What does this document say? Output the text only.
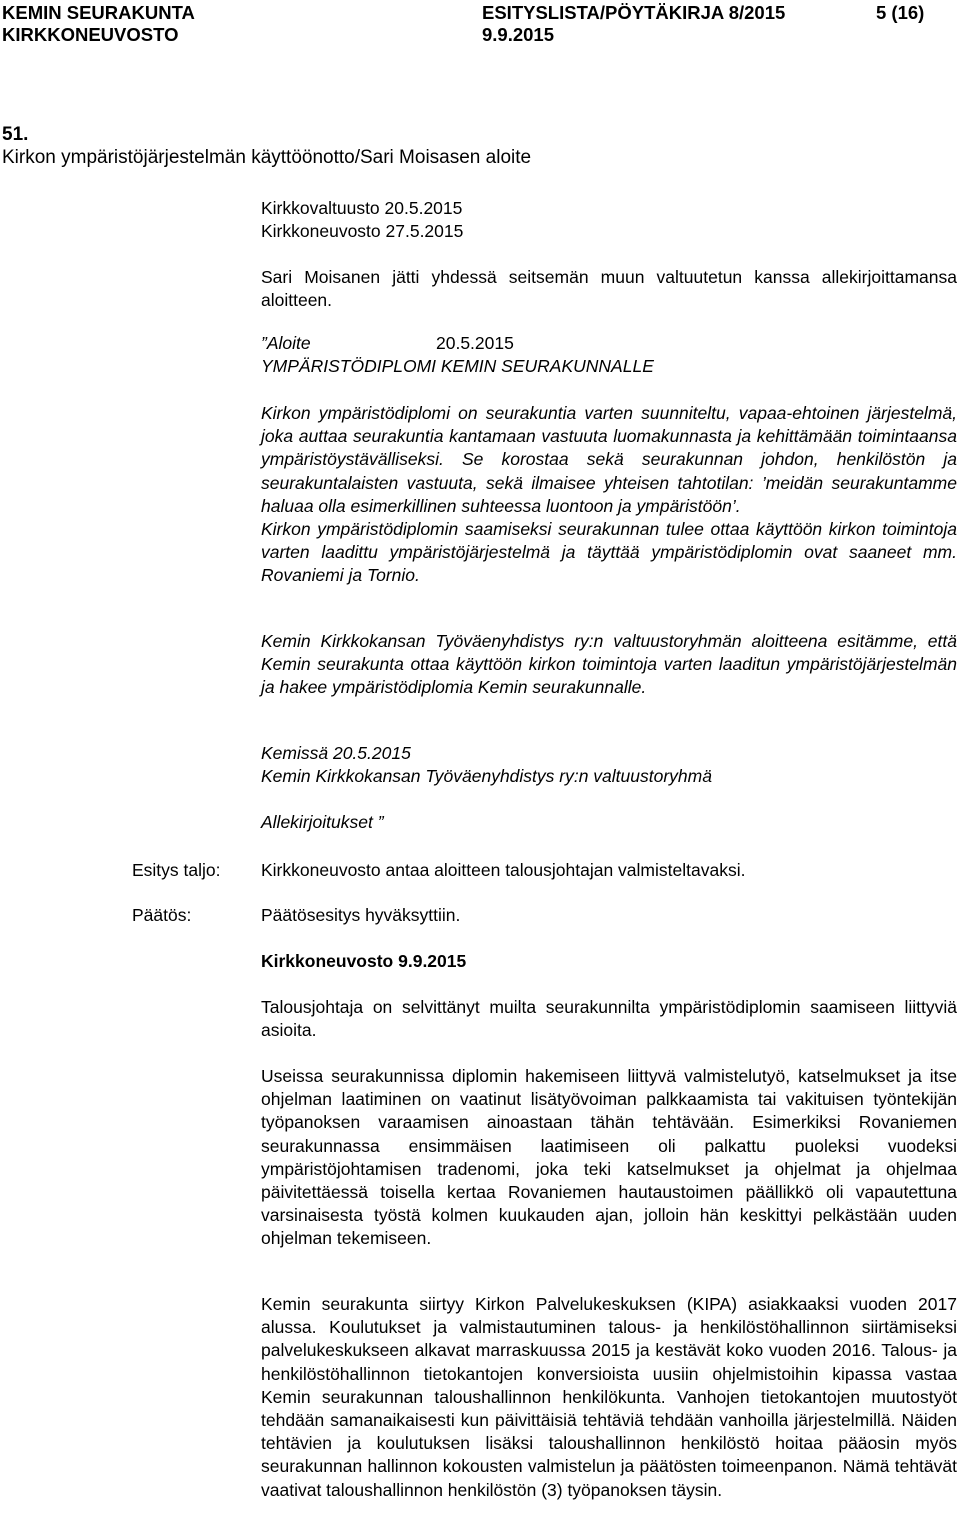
KEMIN SEURAKUNTA
KIRKKONEUVOSTO
ESITYSLISTA/PÖYTÄKIRJA 8/2015
9.9.2015
5 (16)
51.
Kirkon ympäristöjärjestelmän käyttöönotto/Sari Moisasen aloite
Kirkkovaltuusto 20.5.2015
Kirkkoneuvosto 27.5.2015
Sari Moisanen jätti yhdessä seitsemän muun valtuutetun kanssa allekirjoittamansa aloitteen.
”Aloite	20.5.2015
YMPÄRISTÖDIPLOMI KEMIN SEURAKUNNALLE

Kirkon ympäristödiplomi on seurakuntia varten suunniteltu, vapaa-ehtoinen järjestelmä, joka auttaa seurakuntia kantamaan vastuuta luomakunnasta ja kehittämään toimintaansa ympäristöystävälliseksi. Se korostaa sekä seurakunnan johdon, henkilöstön ja seurakuntalaisten vastuuta, sekä ilmaisee yhteisen tahtotilan: ’meidän seurakuntamme haluaa olla esimerkillinen suhteessa luontoon ja ympäristöön’.

Kirkon ympäristödiplomin saamiseksi seurakunnan tulee ottaa käyttöön kirkon toimintoja varten laadittu ympäristöjärjestelmä ja täyttää ympäristödiplomin ovat saaneet mm. Rovaniemi ja Tornio.

Kemin Kirkkokansan Työväenyhdistys ry:n valtuustoryhmän aloitteena esitämme, että Kemin seurakunta ottaa käyttöön kirkon toimintoja varten laaditun ympäristöjärjestelmän ja hakee ympäristödiplomia Kemin seurakunnalle.
Kemissä 20.5.2015
Kemin Kirkkokansan Työväenyhdistys ry:n valtuustoryhmä
Allekirjoitukset ”
Esitys taljo: Kirkkoneuvosto antaa aloitteen talousjohtajan valmisteltavaksi.
Päätös:	Päätösesitys hyväksyttiin.
Kirkkoneuvosto 9.9.2015
Talousjohtaja on selvittänyt muilta seurakunnilta ympäristödiplomin saamiseen liittyviä asioita.
Useissa seurakunnissa diplomin hakemiseen liittyvä valmistelutyö, katselmukset ja itse ohjelman laatiminen on vaatinut lisätyövoiman palkkaamista tai vakituisen työntekijän työpanoksen varaamisen ainoastaan tähän tehtävään. Esimerkiksi Rovaniemen seurakunnassa ensimmäisen laatimiseen oli palkattu puoleksi vuodeksi ympäristöjohtamisen tradenomi, joka teki katselmukset ja ohjelmat ja ohjelmaa päivitettäessä toisella kertaa Rovaniemen hautaustoimen päällikkö oli vapautettuna varsinaisesta työstä kolmen kuukauden ajan, jolloin hän keskittyi pelkästään uuden ohjelman tekemiseen.
Kemin seurakunta siirtyy Kirkon Palvelukeskuksen (KIPA) asiakkaaksi vuoden 2017 alussa. Koulutukset ja valmistautuminen talous- ja henkilöstöhallinnon siirtämiseksi palvelukeskukseen alkavat marraskuussa 2015 ja kestävät koko vuoden 2016. Talous- ja henkilöstöhallinnon tietokantojen konversioista uusiin ohjelmistoihin kipassa vastaa Kemin seurakunnan taloushallinnon henkilökunta. Vanhojen tietokantojen muutostyöt tehdään samanaikaisesti kun päivittäisiä tehtäviä tehdään vanhoilla järjestelmillä. Näiden tehtävien ja koulutuksen lisäksi taloushallinnon henkilöstö hoitaa pääosin myös seurakunnan hallinnon kokousten valmistelun ja päätösten toimeenpanon. Nämä tehtävät vaativat taloushallinnon henkilöstön (3) työpanoksen täysin.
